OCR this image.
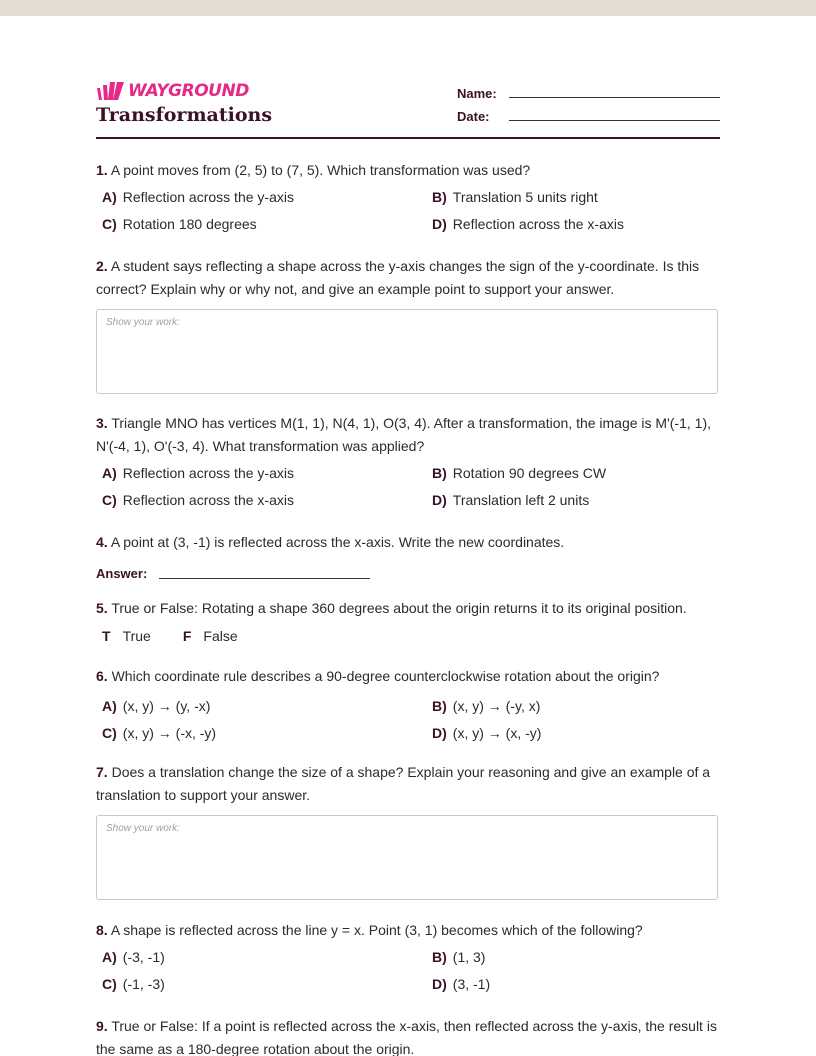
WAYGROUND
Transformations
Name:
Date:
1. A point moves from (2, 5) to (7, 5). Which transformation was used?
A) Reflection across the y-axis	B) Translation 5 units right
C) Rotation 180 degrees	D) Reflection across the x-axis
2. A student says reflecting a shape across the y-axis changes the sign of the y-coordinate. Is this correct? Explain why or why not, and give an example point to support your answer.
Show your work:
3. Triangle MNO has vertices M(1, 1), N(4, 1), O(3, 4). After a transformation, the image is M'(-1, 1), N'(-4, 1), O'(-3, 4). What transformation was applied?
A) Reflection across the y-axis	B) Rotation 90 degrees CW
C) Reflection across the x-axis	D) Translation left 2 units
4. A point at (3, -1) is reflected across the x-axis. Write the new coordinates.
Answer:
5. True or False: Rotating a shape 360 degrees about the origin returns it to its original position.
T True F False
6. Which coordinate rule describes a 90-degree counterclockwise rotation about the origin?
A) (x, y) → (y, -x)	B) (x, y) → (-y, x)
C) (x, y) → (-x, -y)	D) (x, y) → (x, -y)
7. Does a translation change the size of a shape? Explain your reasoning and give an example of a translation to support your answer.
Show your work:
8. A shape is reflected across the line y = x. Point (3, 1) becomes which of the following?
A) (-3, -1)	B) (1, 3)
C) (-1, -3)	D) (3, -1)
9. True or False: If a point is reflected across the x-axis, then reflected across the y-axis, the result is the same as a 180-degree rotation about the origin.
